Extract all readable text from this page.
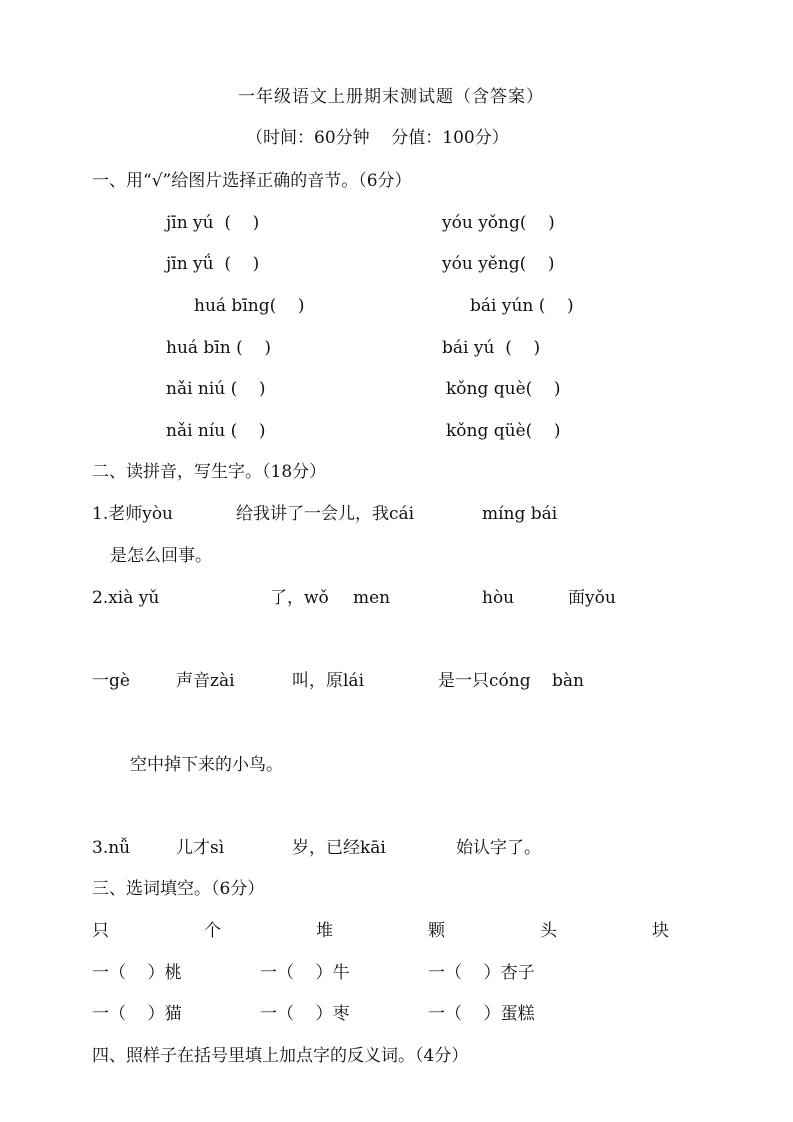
一年级语文上册期末测试题（含答案）
（时间：60分钟    分值：100分）
一、用“√”给图片选择正确的音节。（6分）
jīn yú  (    )	yóu yǒng(    )
jīn yǘ  (    )	yóu yěng(    )
huá bīng(    )	bái yún (    )
huá bīn (    )	bái yú  (    )
nǎi niú (    )	kǒng què(    )
nǎi níu (    )	kǒng qüè(    )
二、读拼音，写生字。（18分）
1.老师yòu	给我讲了一会儿，我cái	míng bái
是怎么回事。
2.xià yǔ	了，wǒ men	hòu	面yǒu
一gè	声音zài	叫，原lái	是一只cóng bàn
空中掉下来的小鸟。
3.nǚ	儿才sì	岁，已经kāi	始认字了。
三、选词填空。（6分）
只	个	堆	颗	头	块
一（    ）桃	一（    ）牛	一（    ）杏子
一（    ）猫	一（    ）枣	一（    ）蛋糕
四、照样子在括号里填上加点字的反义词。（4分）
